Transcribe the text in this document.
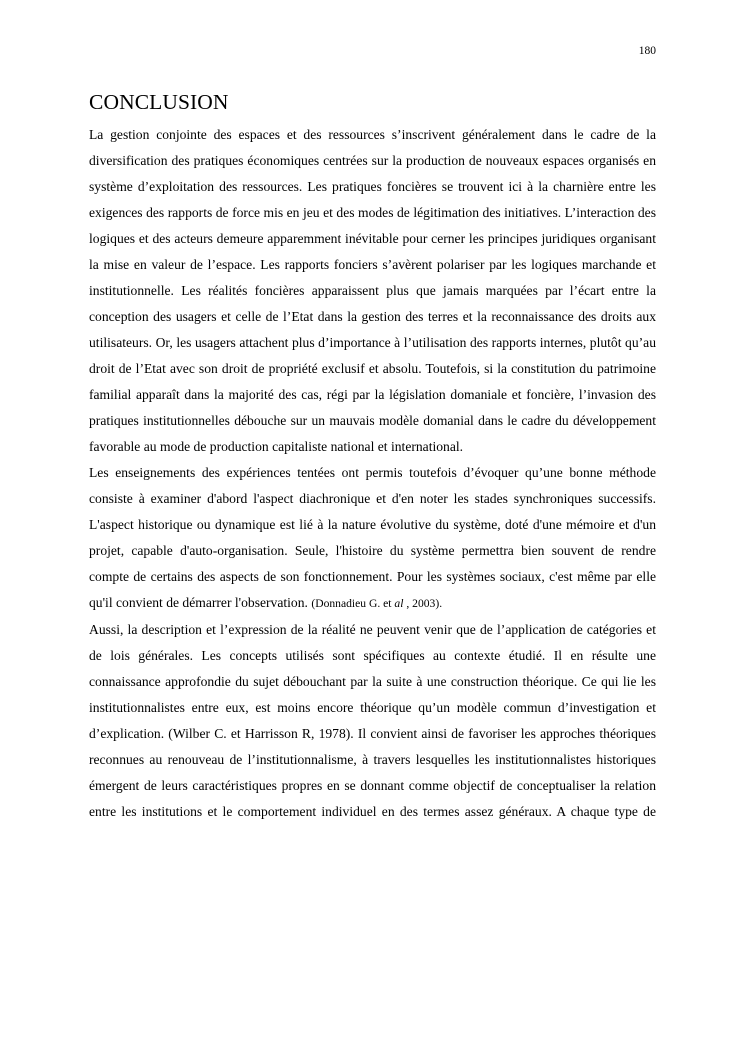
180
CONCLUSION

La gestion conjointe des espaces et des ressources s’inscrivent généralement dans le cadre de la diversification des pratiques économiques centrées sur la production de nouveaux espaces organisés en système d’exploitation des ressources. Les pratiques foncières se trouvent ici à la charnière entre les exigences des rapports de force mis en jeu et des modes de légitimation des initiatives. L’interaction des logiques et des acteurs demeure apparemment inévitable pour cerner les principes juridiques organisant la mise en valeur de l’espace. Les rapports fonciers s’avèrent polariser par les logiques marchande et institutionnelle. Les réalités foncières apparaissent plus que jamais marquées par l’écart entre la conception des usagers et celle de l’Etat dans la gestion des terres et la reconnaissance des droits aux utilisateurs. Or, les usagers attachent plus d’importance à l’utilisation des rapports internes, plutôt qu’au droit de l’Etat avec son droit de propriété exclusif et absolu. Toutefois, si la constitution du patrimoine familial apparaît dans la majorité des cas, régi par la législation domaniale et foncière, l’invasion des pratiques institutionnelles débouche sur un mauvais modèle domanial dans le cadre du développement favorable au mode de production capitaliste national et international.

Les enseignements des expériences tentées ont permis toutefois d’évoquer qu’une bonne méthode consiste à examiner d'abord l'aspect diachronique et d'en noter les stades synchroniques successifs. L'aspect historique ou dynamique est lié à la nature évolutive du système, doté d'une mémoire et d'un projet, capable d'auto-organisation. Seule, l'histoire du système permettra bien souvent de rendre compte de certains des aspects de son fonctionnement. Pour les systèmes sociaux, c'est même par elle qu'il convient de démarrer l'observation. (Donnadieu G. et al , 2003).

Aussi, la description et l’expression de la réalité ne peuvent venir que de l’application de catégories et de lois générales. Les concepts utilisés sont spécifiques au contexte étudié. Il en résulte une connaissance approfondie du sujet débouchant par la suite à une construction théorique. Ce qui lie les institutionnalistes entre eux, est moins encore théorique qu’un modèle commun d’investigation et d’explication. (Wilber C. et Harrisson R, 1978). Il convient ainsi de favoriser les approches théoriques reconnues au renouveau de l’institutionnalisme, à travers lesquelles les institutionnalistes historiques émergent de leurs caractéristiques propres en se donnant comme objectif de conceptualiser la relation entre les institutions et le comportement individuel en des termes assez généraux. A chaque type de
